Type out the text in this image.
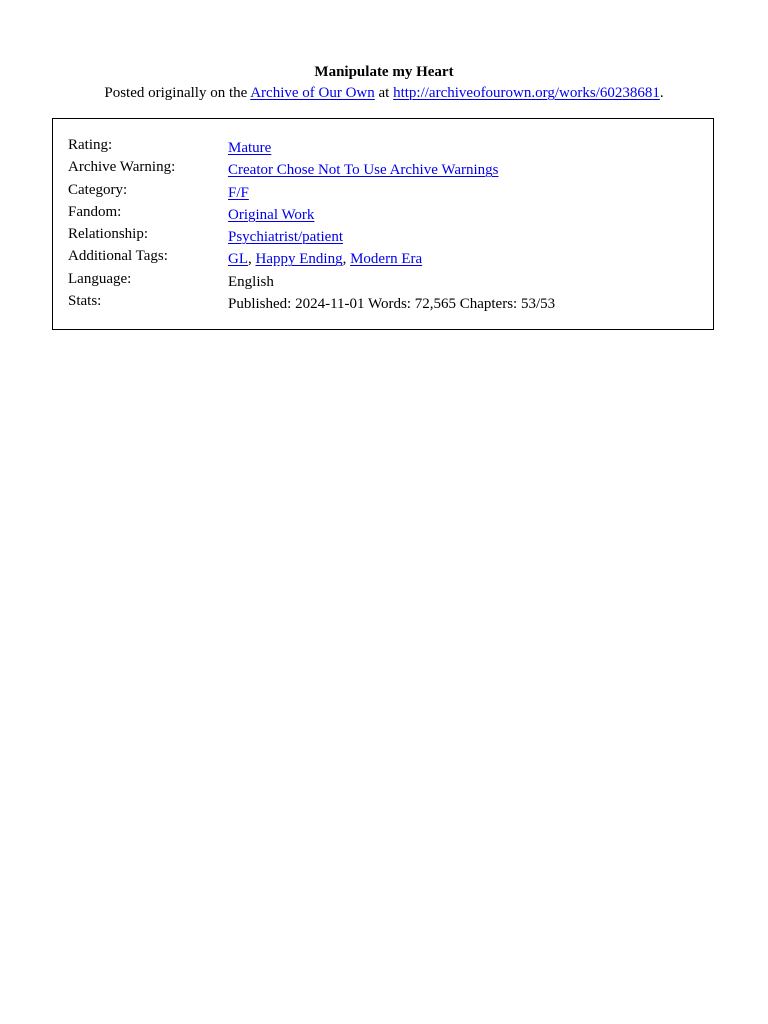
Manipulate my Heart
Posted originally on the Archive of Our Own at http://archiveofourown.org/works/60238681.
Rating:	Mature
Archive Warning:	Creator Chose Not To Use Archive Warnings
Category:	F/F
Fandom:	Original Work
Relationship:	Psychiatrist/patient
Additional Tags:	GL, Happy Ending, Modern Era
Language:	English
Stats:	Published: 2024-11-01 Words: 72,565 Chapters: 53/53
